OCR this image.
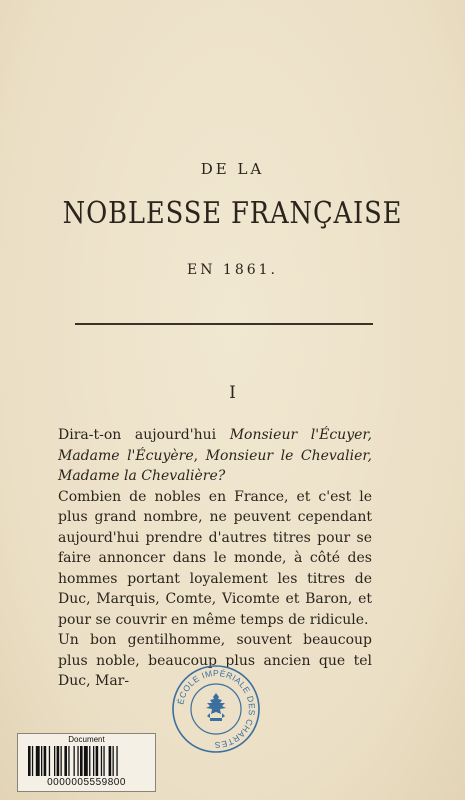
DE LA
NOBLESSE FRANÇAISE
EN 1861.
I

Dira-t-on aujourd'hui Monsieur l'Écuyer, Madame l'Écuyère, Monsieur le Chevalier, Madame la Chevalière?

Combien de nobles en France, et c'est le plus grand nombre, ne peuvent cependant aujourd'hui prendre d'autres titres pour se faire annoncer dans le monde, à côté des hommes portant loyalement les titres de Duc, Marquis, Comte, Vicomte et Baron, et pour se couvrir en même temps de ridicule.

Un bon gentilhomme, souvent beaucoup plus noble, beaucoup plus ancien que tel Duc, Mar-

ÉCOLE IMPÉRIALE DES CHARTES
Document
0000005559800
